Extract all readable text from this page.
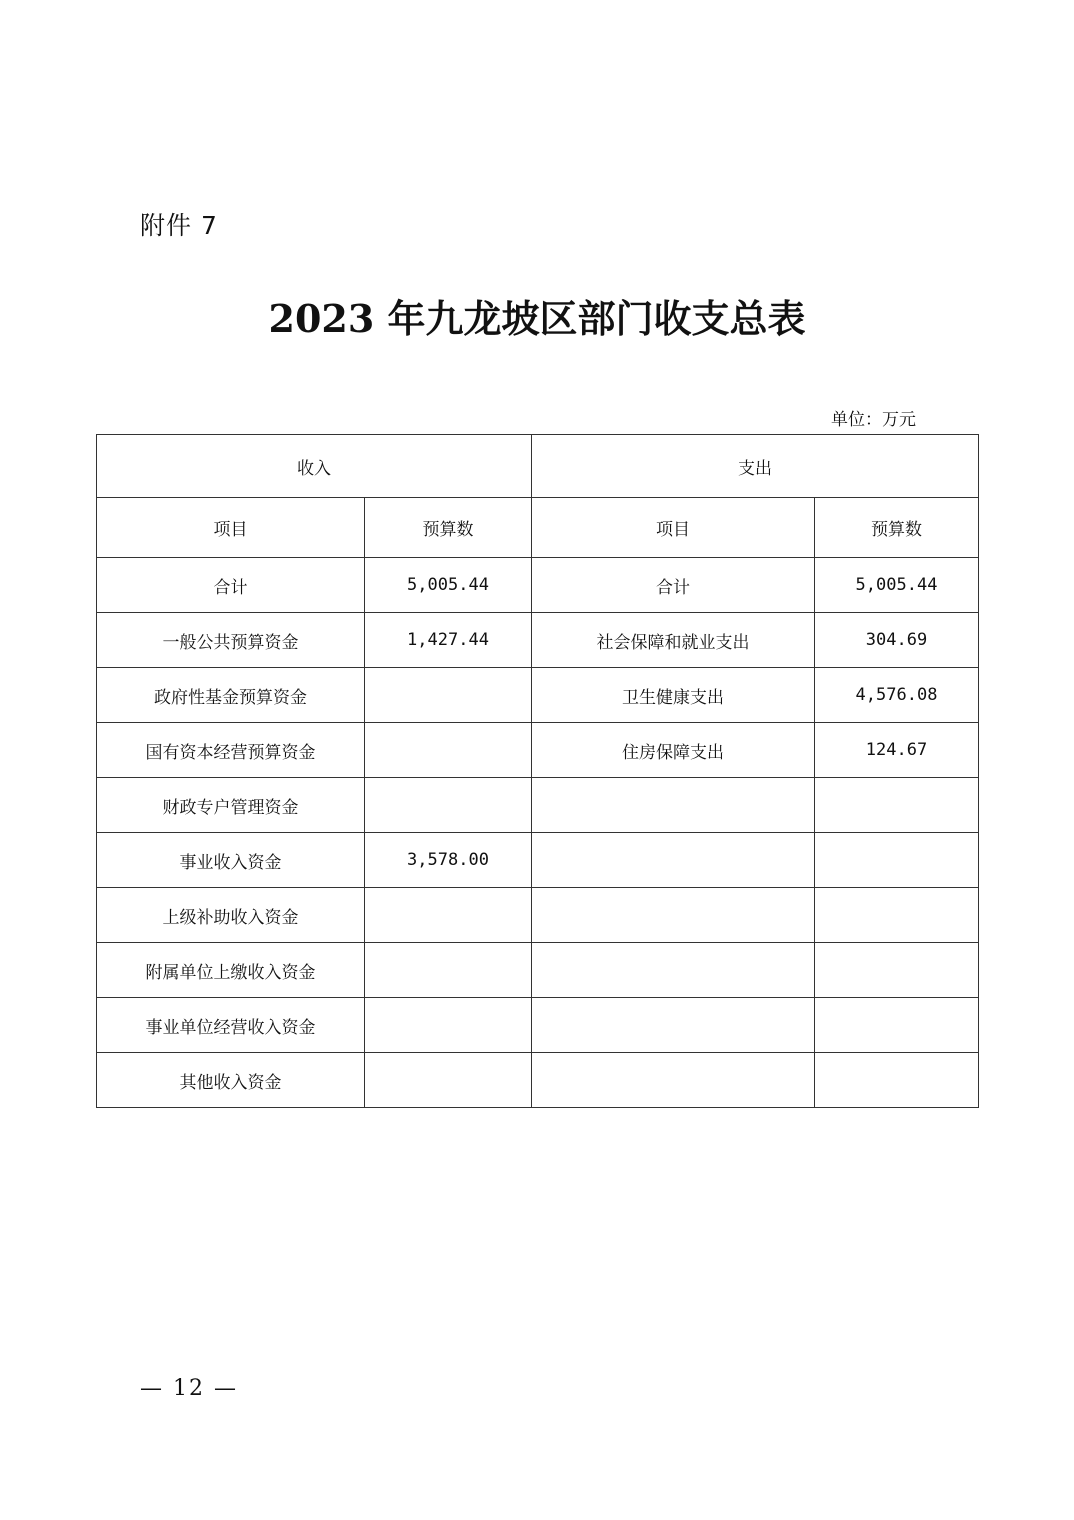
附件 7
2023 年九龙坡区部门收支总表
单位：万元
收入		支出	
项目	预算数	项目	预算数
合计	5,005.44	合计	5,005.44
一般公共预算资金	1,427.44	社会保障和就业支出	304.69
政府性基金预算资金		卫生健康支出	4,576.08
国有资本经营预算资金		住房保障支出	124.67
财政专户管理资金			
事业收入资金	3,578.00		
上级补助收入资金			
附属单位上缴收入资金			
事业单位经营收入资金			
其他收入资金			
— 12 —
